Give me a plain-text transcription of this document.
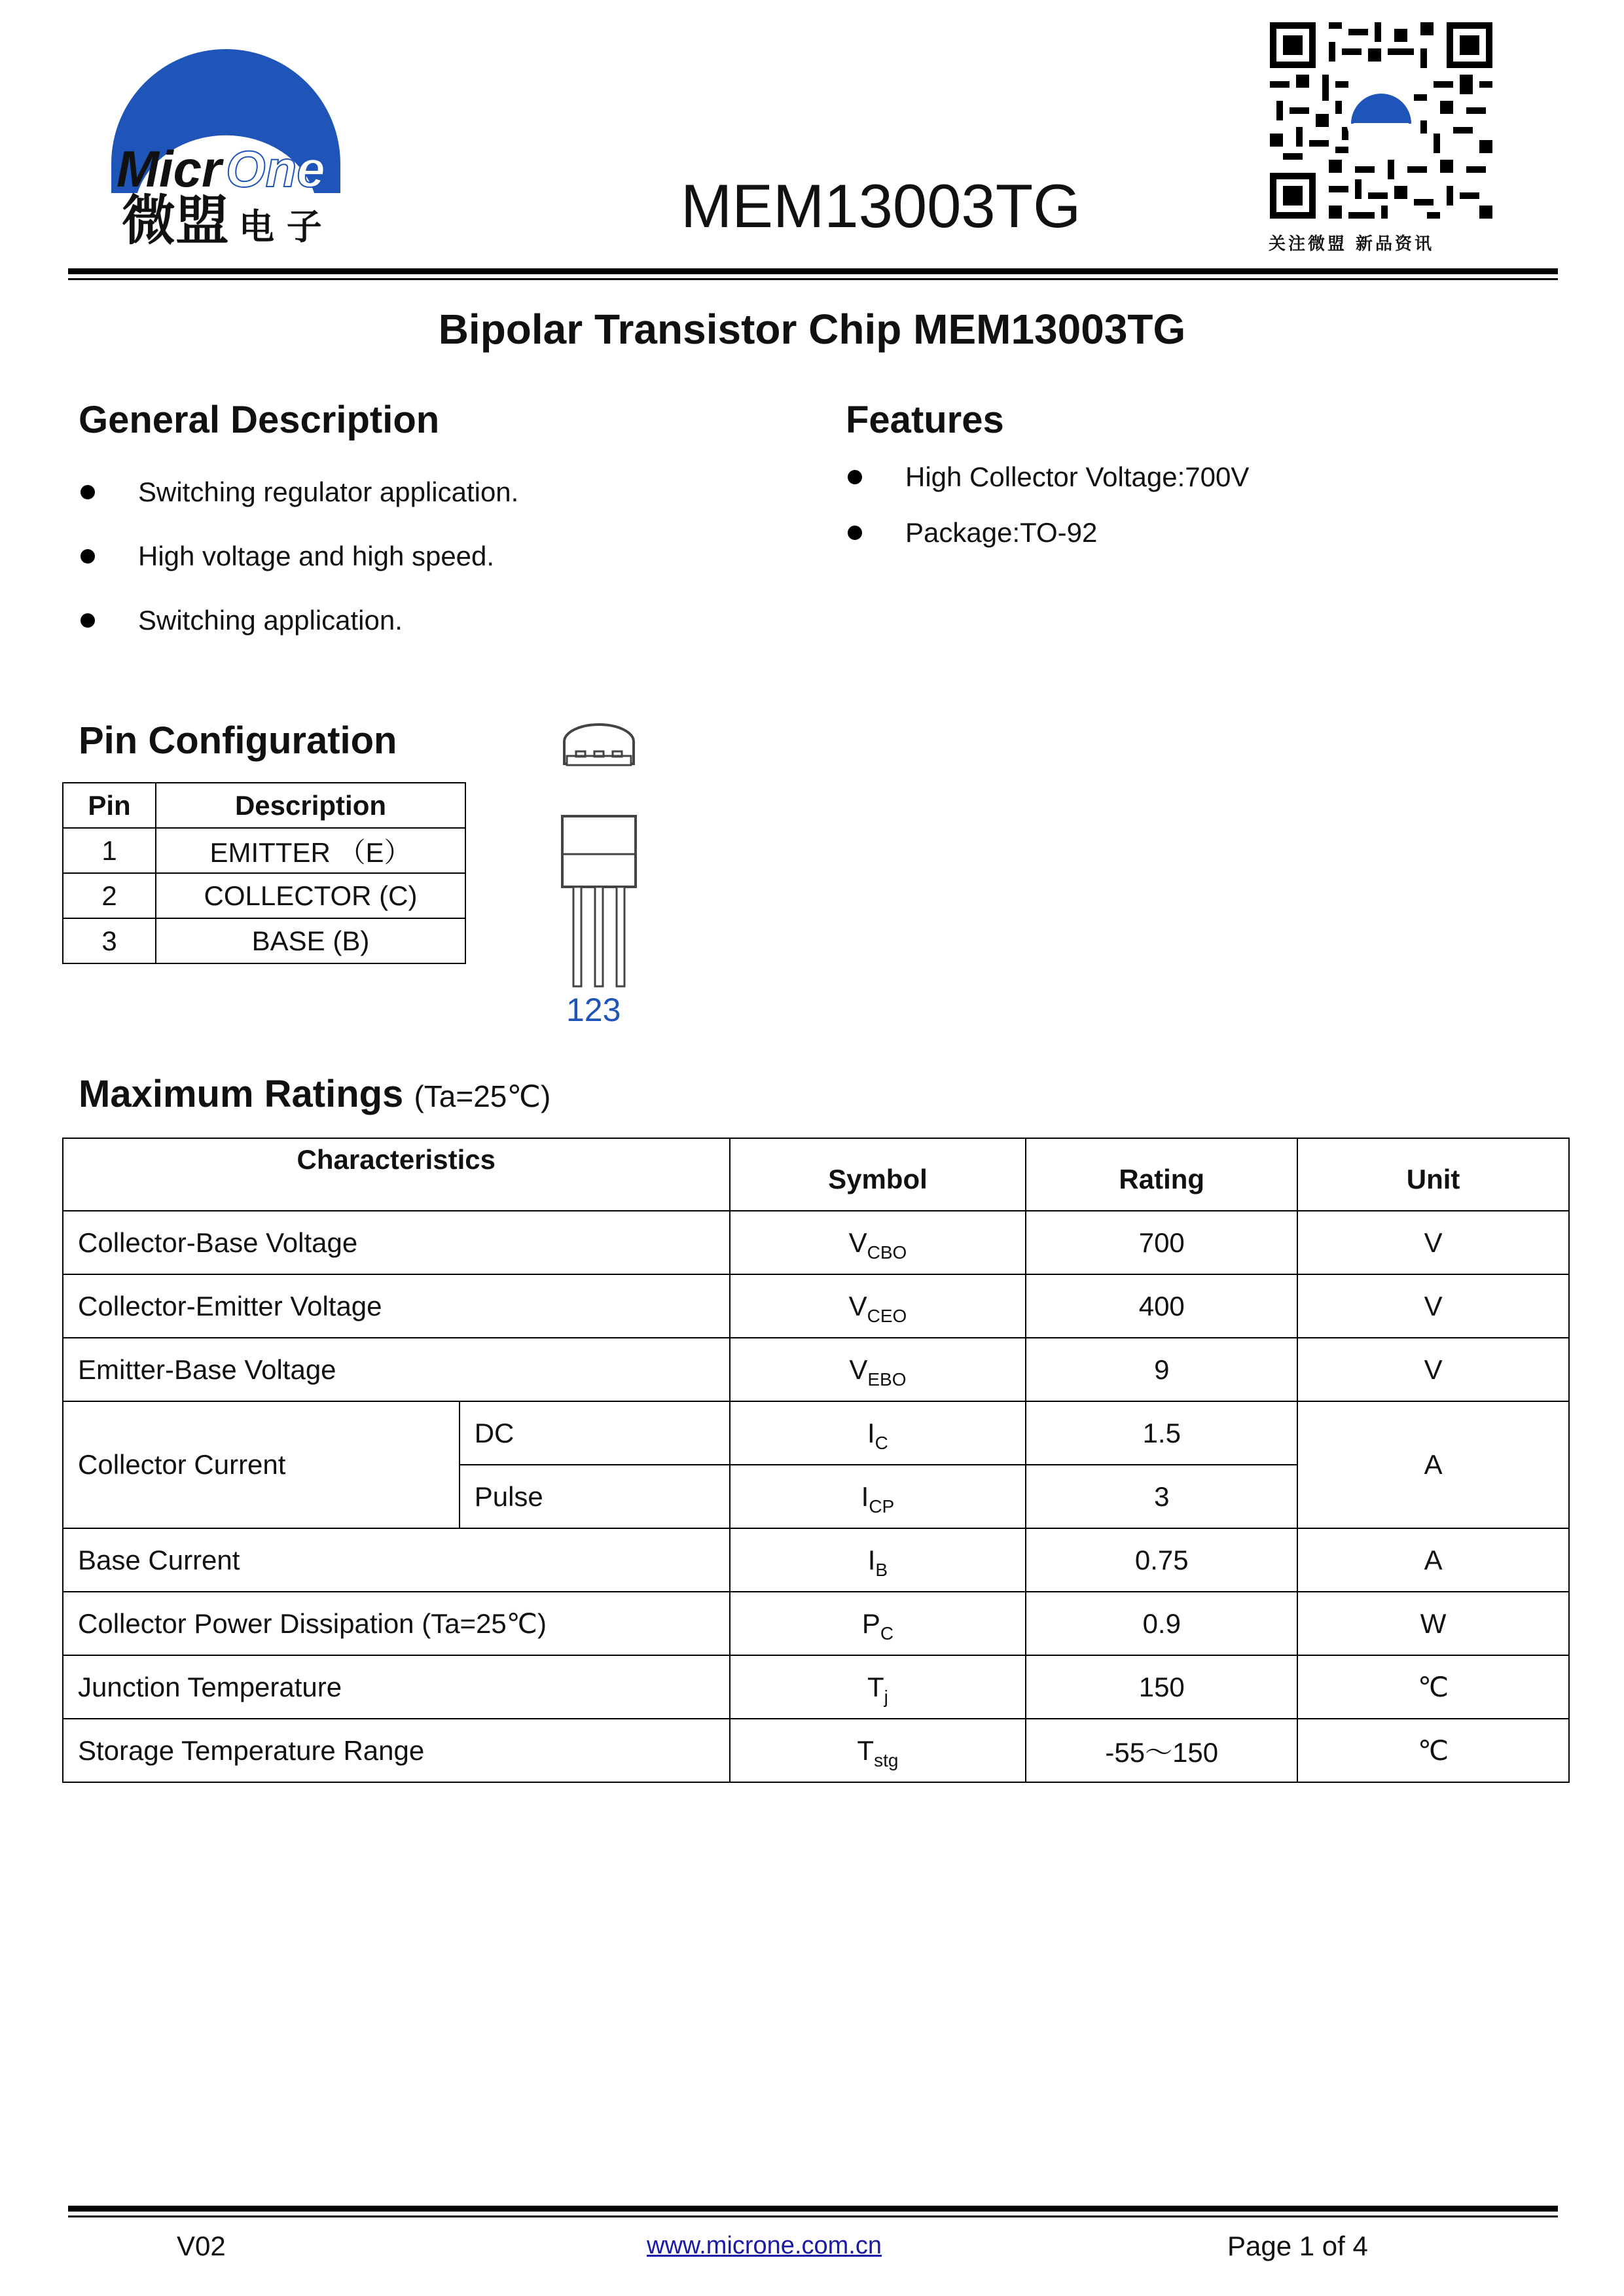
Micr One
微盟 电 子	MEM13003TG
关注微盟 新品资讯
Bipolar Transistor Chip MEM13003TG
General Description
Switching regulator application.
High voltage and high speed.
Switching application.
Features
High Collector Voltage:700V
Package:TO-92
Pin Configuration
Pin	Description
1	EMITTER （E）
2	COLLECTOR (C)
3	BASE (B)
123
Maximum Ratings (Ta=25℃)
Characteristics		Symbol	Rating	Unit
Collector-Base Voltage		$V_{CBO}$	700	V
Collector-Emitter Voltage		$V_{CEO}$	400	V
Emitter-Base Voltage		$V_{EBO}$	9	V
Collector Current	DC	$I_C$	1.5	A
	Pulse	$I_{CP}$	3	
Base Current		$I_B$	0.75	A
Collector Power Dissipation (Ta=25℃)		$P_C$	0.9	W
Junction Temperature		$T_j$	150	℃
Storage Temperature Range		$T_{stg}$	-55～150	℃
V02	www.microne.com.cn	Page 1 of 4
